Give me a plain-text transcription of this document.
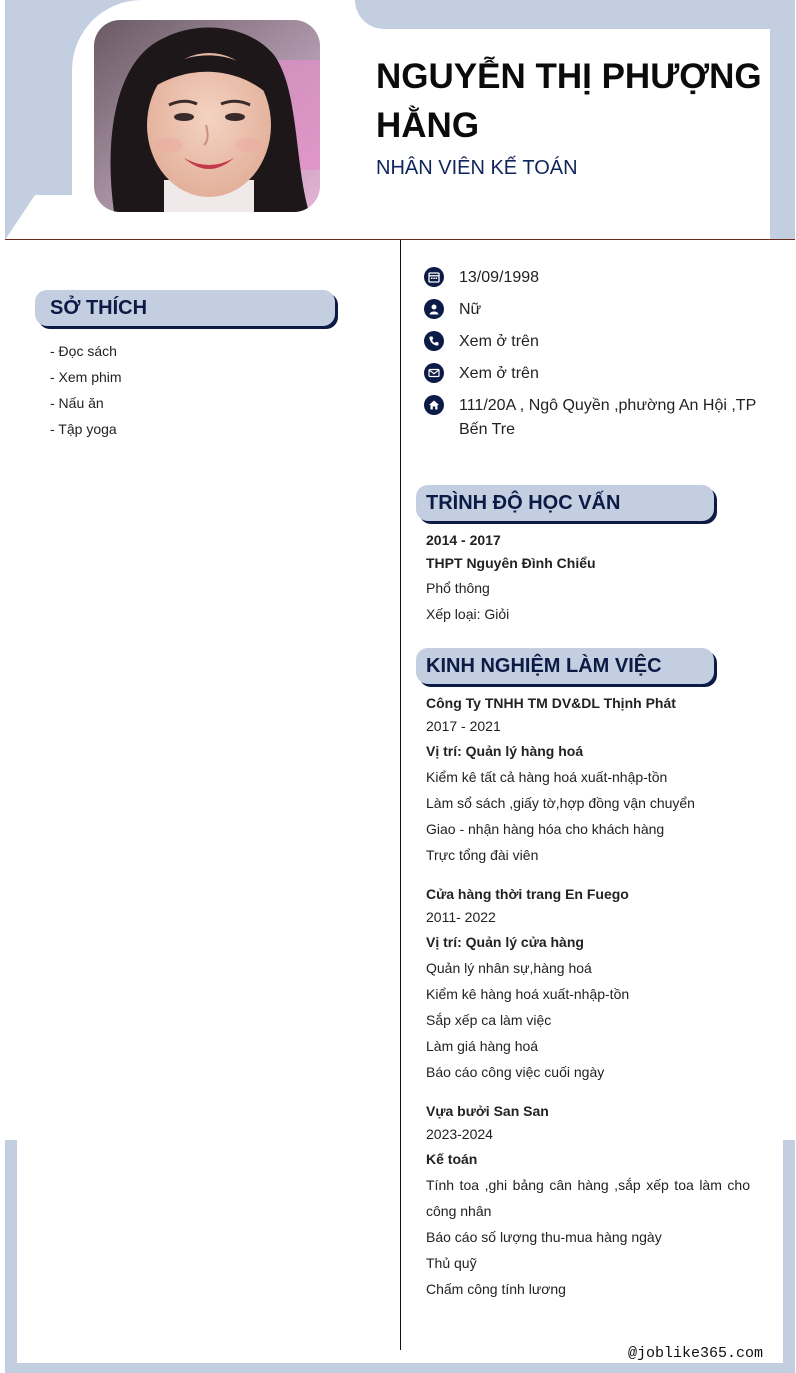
NGUYỄN THỊ PHƯỢNG HẰNG
NHÂN VIÊN KẾ TOÁN
SỞ THÍCH
- Đọc sách
- Xem phim
- Nấu ăn
- Tập yoga
13/09/1998
Nữ
Xem ở trên
Xem ở trên
111/20A , Ngô Quyền ,phường An Hội ,TP Bến Tre
TRÌNH ĐỘ HỌC VẤN
2014 - 2017
THPT Nguyên Đình Chiểu
Phổ thông
Xếp loại: Giỏi
KINH NGHIỆM LÀM VIỆC
Công Ty TNHH TM DV&DL Thịnh Phát
2017 - 2021
Vị trí: Quản lý hàng hoá
Kiểm kê tất cả hàng hoá xuất-nhập-tồn
Làm sổ sách ,giấy tờ,hợp đồng vận chuyển
Giao - nhận hàng hóa cho khách hàng
Trực tổng đài viên
Cửa hàng thời trang En Fuego
2011- 2022
Vị trí: Quản lý cửa hàng
Quản lý nhân sự,hàng hoá
Kiểm kê hàng hoá xuất-nhập-tồn
Sắp xếp ca làm việc
Làm giá hàng hoá
Báo cáo công việc cuối ngày
Vựa bưởi San San
2023-2024
Kế toán
Tính toa ,ghi bảng cân hàng ,sắp xếp toa làm cho công nhân
Báo cáo số lượng thu-mua hàng ngày
Thủ quỹ
Chấm công tính lương
@joblike365.com
